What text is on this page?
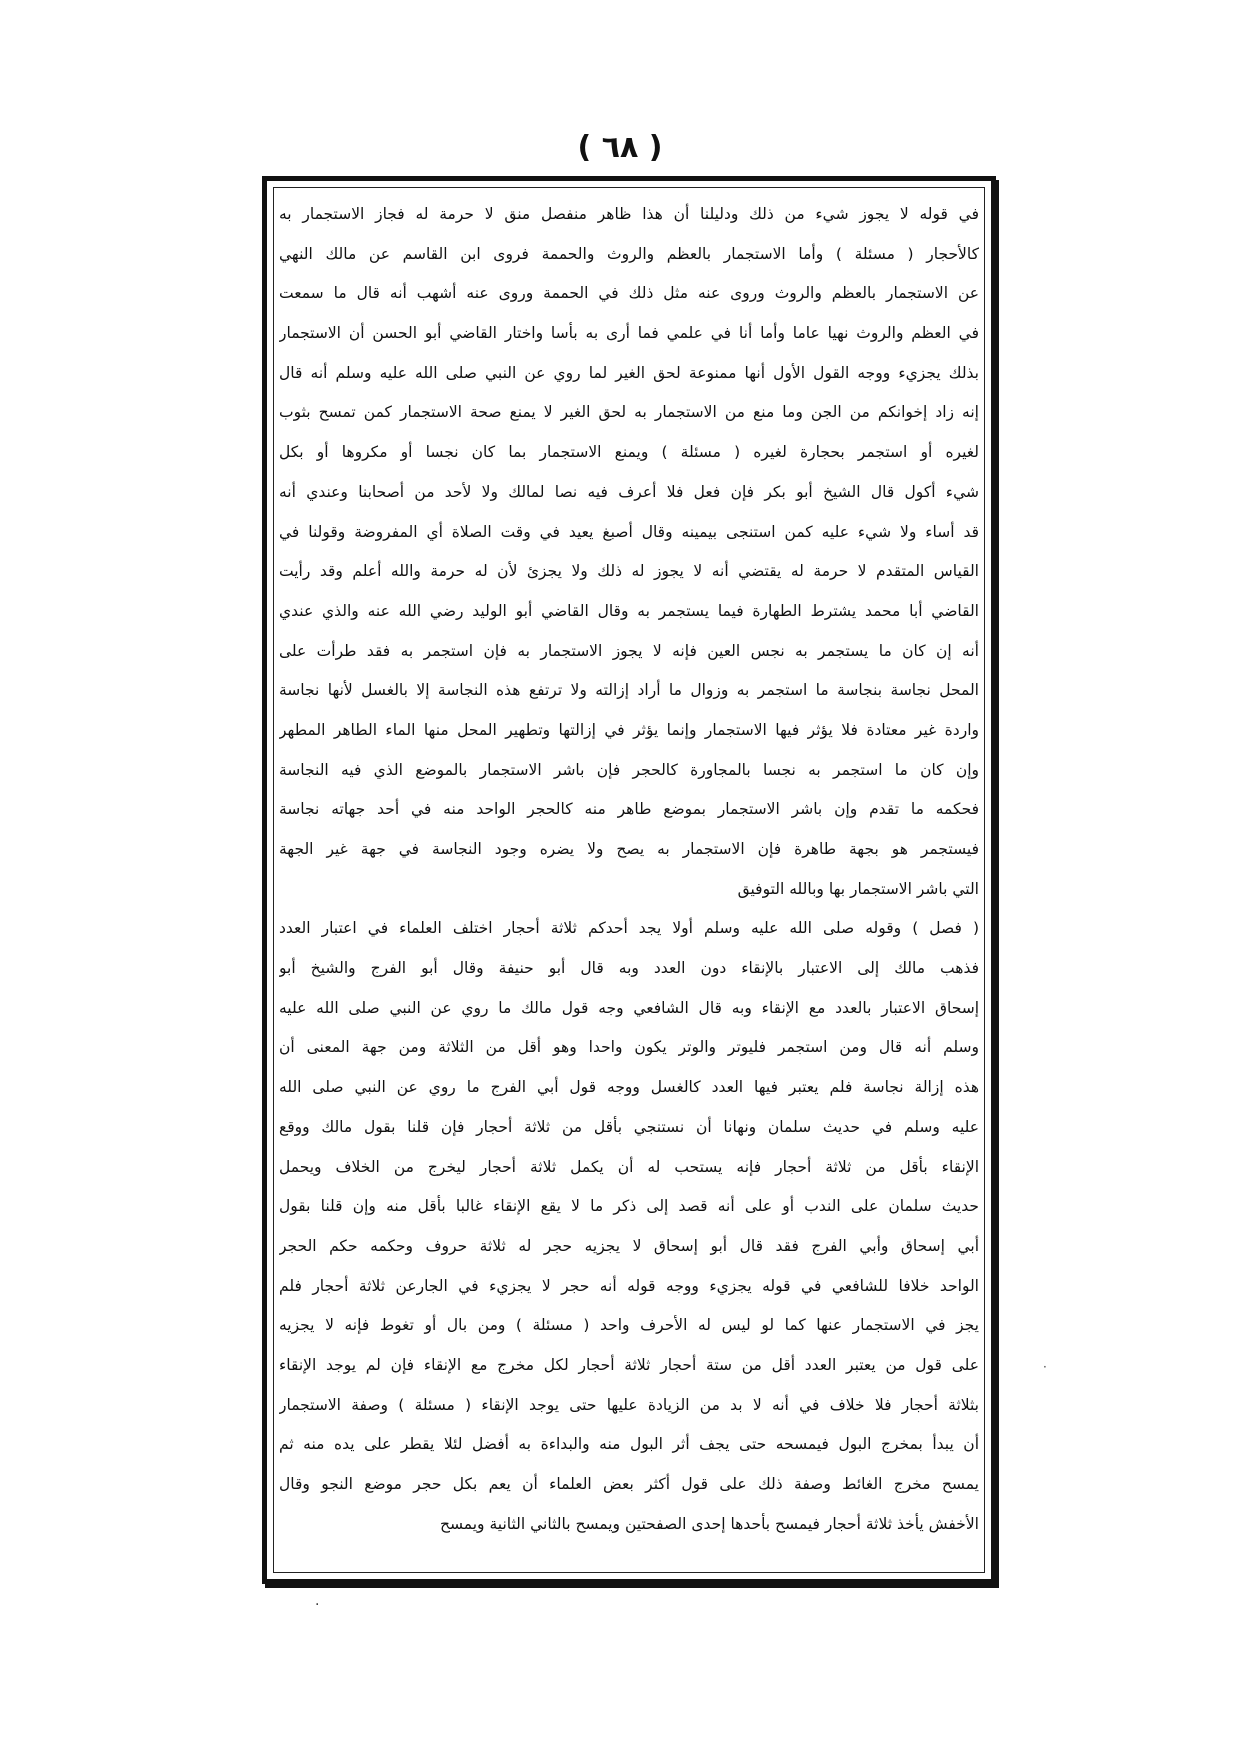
( ٦٨ )
في قوله لا يجوز شيء من ذلك ودليلنا أن هذا ظاهر منفصل منق لا حرمة له فجاز الاستجمار به
كالأحجار ( مسئلة ) وأما الاستجمار بالعظم والروث والحممة فروى ابن القاسم عن مالك النهي
عن الاستجمار بالعظم والروث وروى عنه مثل ذلك في الحممة وروى عنه أشهب أنه قال ما سمعت
في العظم والروث نهيا عاما وأما أنا في علمي فما أرى به بأسا واختار القاضي أبو الحسن أن الاستجمار
بذلك يجزيء ووجه القول الأول أنها ممنوعة لحق الغير لما روي عن النبي صلى الله عليه وسلم أنه قال
إنه زاد إخوانكم من الجن وما منع من الاستجمار به لحق الغير لا يمنع صحة الاستجمار كمن تمسح بثوب
لغيره أو استجمر بحجارة لغيره ( مسئلة ) ويمنع الاستجمار بما كان نجسا أو مكروها أو بكل
شيء أكول قال الشيخ أبو بكر فإن فعل فلا أعرف فيه نصا لمالك ولا لأحد من أصحابنا وعندي أنه
قد أساء ولا شيء عليه كمن استنجى بيمينه وقال أصبغ يعيد في وقت الصلاة أي المفروضة وقولنا في
القياس المتقدم لا حرمة له يقتضي أنه لا يجوز له ذلك ولا يجزئ لأن له حرمة والله أعلم وقد رأيت
القاضي أبا محمد يشترط الطهارة فيما يستجمر به وقال القاضي أبو الوليد رضي الله عنه والذي عندي
أنه إن كان ما يستجمر به نجس العين فإنه لا يجوز الاستجمار به فإن استجمر به فقد طرأت على
المحل نجاسة بنجاسة ما استجمر به وزوال ما أراد إزالته ولا ترتفع هذه النجاسة إلا بالغسل لأنها نجاسة
واردة غير معتادة فلا يؤثر فيها الاستجمار وإنما يؤثر في إزالتها وتطهير المحل منها الماء الطاهر المطهر
وإن كان ما استجمر به نجسا بالمجاورة كالحجر فإن باشر الاستجمار بالموضع الذي فيه النجاسة
فحكمه ما تقدم وإن باشر الاستجمار بموضع طاهر منه كالحجر الواحد منه في أحد جهاته نجاسة
فيستجمر هو بجهة طاهرة فإن الاستجمار به يصح ولا يضره وجود النجاسة في جهة غير الجهة
التي باشر الاستجمار بها وبالله التوفيق
( فصل ) وقوله صلى الله عليه وسلم أولا يجد أحدكم ثلاثة أحجار اختلف العلماء في اعتبار العدد
فذهب مالك إلى الاعتبار بالإنقاء دون العدد وبه قال أبو حنيفة وقال أبو الفرج والشيخ أبو
إسحاق الاعتبار بالعدد مع الإنقاء وبه قال الشافعي وجه قول مالك ما روي عن النبي صلى الله عليه
وسلم أنه قال ومن استجمر فليوتر والوتر يكون واحدا وهو أقل من الثلاثة ومن جهة المعنى أن
هذه إزالة نجاسة فلم يعتبر فيها العدد كالغسل ووجه قول أبي الفرج ما روي عن النبي صلى الله
عليه وسلم في حديث سلمان ونهانا أن نستنجي بأقل من ثلاثة أحجار فإن قلنا بقول مالك ووقع
الإنقاء بأقل من ثلاثة أحجار فإنه يستحب له أن يكمل ثلاثة أحجار ليخرج من الخلاف ويحمل
حديث سلمان على الندب أو على أنه قصد إلى ذكر ما لا يقع الإنقاء غالبا بأقل منه وإن قلنا بقول
أبي إسحاق وأبي الفرج فقد قال أبو إسحاق لا يجزيه حجر له ثلاثة حروف وحكمه حكم الحجر
الواحد خلافا للشافعي في قوله يجزيء ووجه قوله أنه حجر لا يجزيء في الجارعن ثلاثة أحجار فلم
يجز في الاستجمار عنها كما لو ليس له الأحرف واحد ( مسئلة ) ومن بال أو تغوط فإنه لا يجزيه
على قول من يعتبر العدد أقل من ستة أحجار ثلاثة أحجار لكل مخرج مع الإنقاء فإن لم يوجد الإنقاء
بثلاثة أحجار فلا خلاف في أنه لا بد من الزيادة عليها حتى يوجد الإنقاء ( مسئلة ) وصفة الاستجمار
أن يبدأ بمخرج البول فيمسحه حتى يجف أثر البول منه والبداءة به أفضل لئلا يقطر على يده منه ثم
يمسح مخرج الغائط وصفة ذلك على قول أكثر بعض العلماء أن يعم بكل حجر موضع النجو وقال
الأخفش يأخذ ثلاثة أحجار فيمسح بأحدها إحدى الصفحتين ويمسح بالثاني الثانية ويمسح
·
·
